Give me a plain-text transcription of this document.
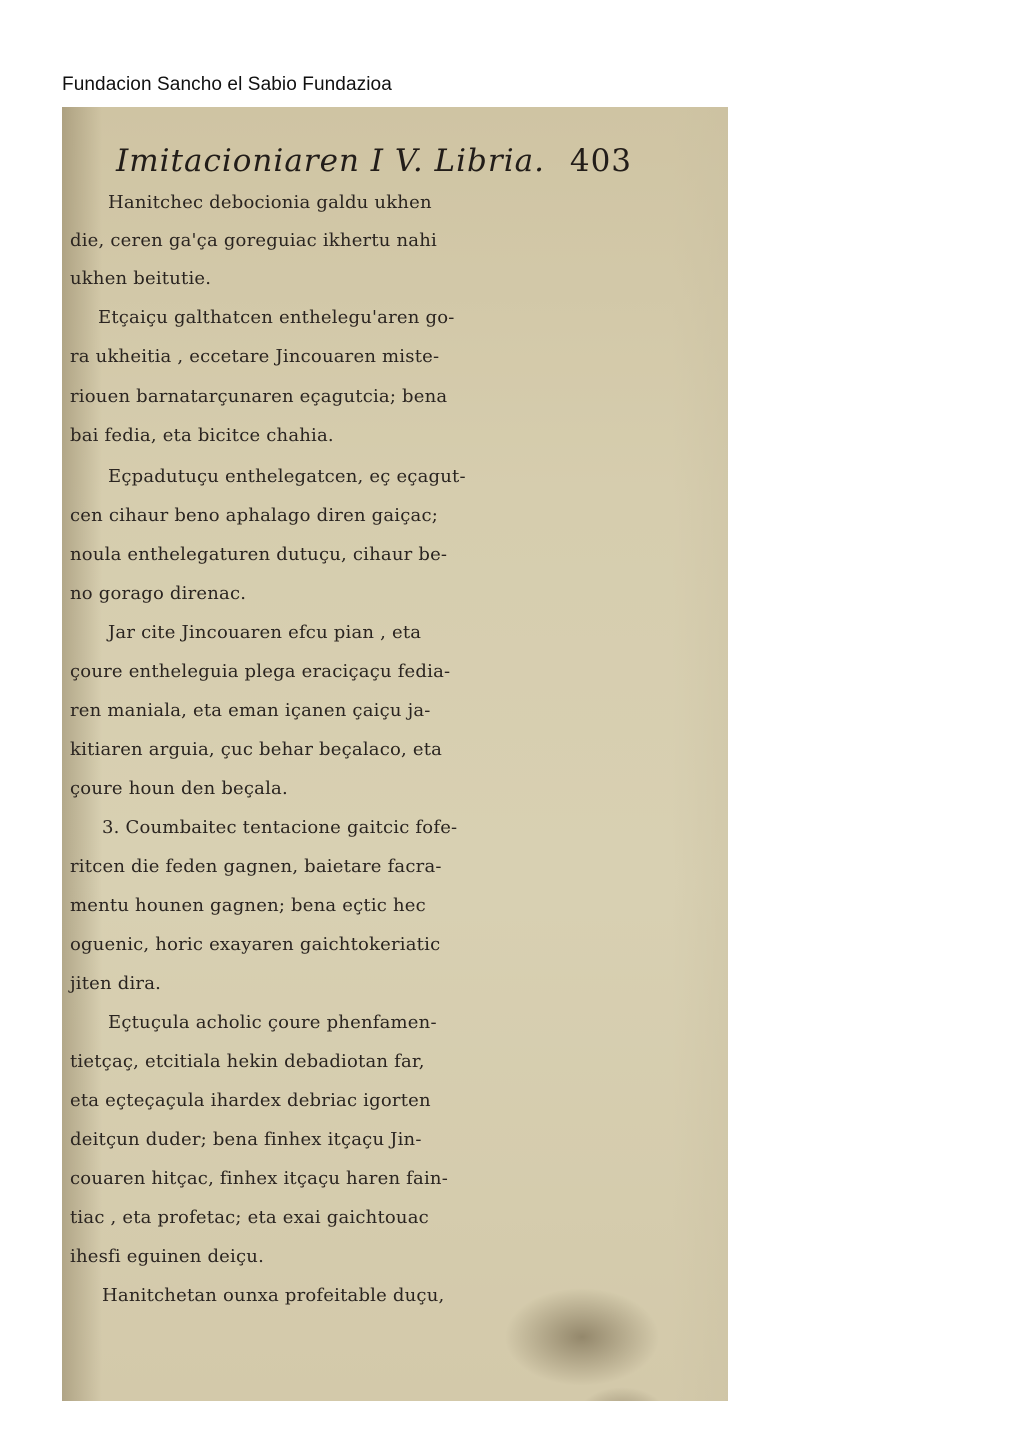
Fundacion Sancho el Sabio Fundazioa
Imitacioniaren I V. Libria. 403
Hanitchec debocionia galdu ukhen
die, ceren ga'ça goreguiac ikhertu nahi
ukhen beitutie.
Etçaiçu galthatcen enthelegu'aren go-
ra ukheitia , eccetare Jincouaren miste-
riouen barnatarçunaren eçagutcia; bena
bai fedia, eta bicitce chahia.
Eçpadutuçu enthelegatcen, eç eçagut-
cen cihaur beno aphalago diren gaiçac;
noula enthelegaturen dutuçu, cihaur be-
no gorago direnac.
Jar cite Jincouaren efcu pian , eta
çoure entheleguia plega eraciçaçu fedia-
ren maniala, eta eman içanen çaiçu ja-
kitiaren arguia, çuc behar beçalaco, eta
çoure houn den beçala.
3. Coumbaitec tentacione gaitcic fofe-
ritcen die feden gagnen, baietare facra-
mentu hounen gagnen; bena eçtic hec
oguenic, horic exayaren gaichtokeriatic
jiten dira.
Eçtuçula acholic çoure phenfamen-
tietçaç, etcitiala hekin debadiotan far,
eta eçteçaçula ihardex debriac igorten
deitçun duder; bena finhex itçaçu Jin-
couaren hitçac, finhex itçaçu haren fain-
tiac , eta profetac; eta exai gaichtouac
ihesfi eguinen deiçu.
Hanitchetan ounxa profeitable duçu,
